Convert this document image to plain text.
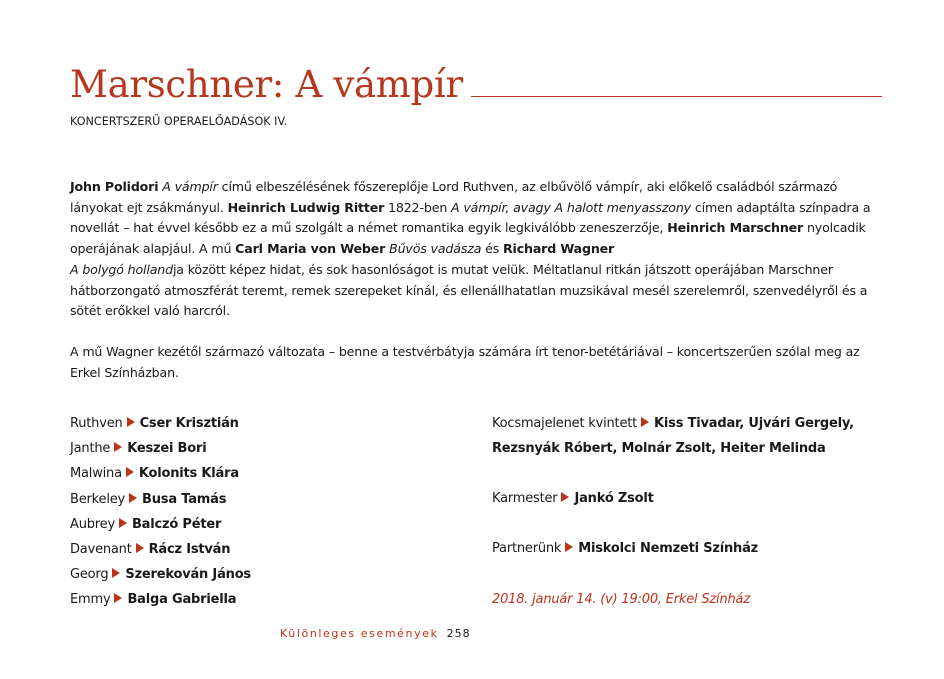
Marschner: A vámpír
KONCERTSZERŰ OPERAELŐADÁSOK IV.

John Polidori A vámpír című elbeszélésének főszereplője Lord Ruthven, az elbűvölő vámpír, aki előkelő családból származó lányokat ejt zsákmányul. Heinrich Ludwig Ritter 1822-ben A vámpír, avagy A halott menyasszony címen adaptálta színpadra a novellát – hat évvel később ez a mű szolgált a német romantika egyik legkiválóbb zeneszerzője, Heinrich Marschner nyolcadik operájának alapjául. A mű Carl Maria von Weber Bűvös vadásza és Richard Wagner
A bolygó hollandja között képez hidat, és sok hasonlóságot is mutat velük. Méltatlanul ritkán játszott operájában Marschner hátborzongató atmoszférát teremt, remek szerepeket kínál, és ellenállhatatlan muzsikával mesél szerelemről, szenvedélyről és a sötét erőkkel való harcról.

A mű Wagner kezétől származó változata – benne a testvérbátyja számára írt tenor-betétáriával – koncertszerűen szólal meg az Erkel Színházban.

Ruthven Cser Krisztián
Janthe Keszei Bori
Malwina Kolonits Klára
Berkeley Busa Tamás
Aubrey Balczó Péter
Davenant Rácz István
Georg Szerekován János
Emmy Balga Gabriella
Kocsmajelenet kvintett Kiss Tivadar, Ujvári Gergely,
Rezsnyák Róbert, Molnár Zsolt, Heiter Melinda
Karmester Jankó Zsolt
Partnerünk Miskolci Nemzeti Színház
2018. január 14. (v) 19:00, Erkel Színház
Különleges események 258
